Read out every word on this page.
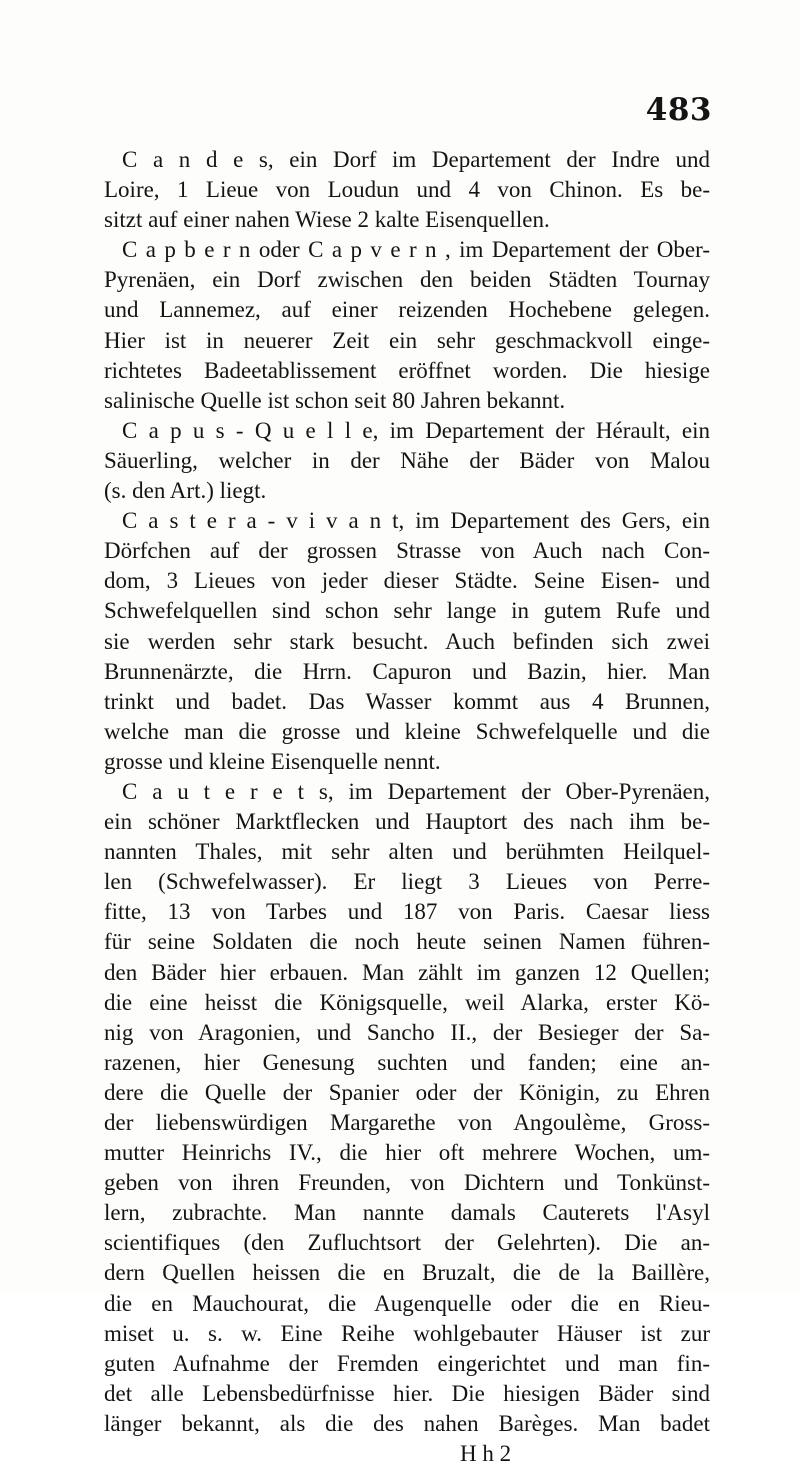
483
C a n d e s, ein Dorf im Departement der Indre und
Loire, 1 Lieue von Loudun und 4 von Chinon. Es be-
sitzt auf einer nahen Wiese 2 kalte Eisenquellen.
C a p b e r n oder C a p v e r n , im Departement der Ober-
Pyrenäen, ein Dorf zwischen den beiden Städten Tournay
und Lannemez, auf einer reizenden Hochebene gelegen.
Hier ist in neuerer Zeit ein sehr geschmackvoll einge-
richtetes Badeetablissement eröffnet worden. Die hiesige
salinische Quelle ist schon seit 80 Jahren bekannt.
C a p u s - Q u e l l e, im Departement der Hérault, ein
Säuerling, welcher in der Nähe der Bäder von Malou
(s. den Art.) liegt.
C a s t e r a - v i v a n t, im Departement des Gers, ein
Dörfchen auf der grossen Strasse von Auch nach Con-
dom, 3 Lieues von jeder dieser Städte. Seine Eisen- und
Schwefelquellen sind schon sehr lange in gutem Rufe und
sie werden sehr stark besucht. Auch befinden sich zwei
Brunnenärzte, die Hrrn. Capuron und Bazin, hier. Man
trinkt und badet. Das Wasser kommt aus 4 Brunnen,
welche man die grosse und kleine Schwefelquelle und die
grosse und kleine Eisenquelle nennt.
C a u t e r e t s, im Departement der Ober-Pyrenäen,
ein schöner Marktflecken und Hauptort des nach ihm be-
nannten Thales, mit sehr alten und berühmten Heilquel-
len (Schwefelwasser). Er liegt 3 Lieues von Perre-
fitte, 13 von Tarbes und 187 von Paris. Caesar liess
für seine Soldaten die noch heute seinen Namen führen-
den Bäder hier erbauen. Man zählt im ganzen 12 Quellen;
die eine heisst die Königsquelle, weil Alarka, erster Kö-
nig von Aragonien, und Sancho II., der Besieger der Sa-
razenen, hier Genesung suchten und fanden; eine an-
dere die Quelle der Spanier oder der Königin, zu Ehren
der liebenswürdigen Margarethe von Angoulème, Gross-
mutter Heinrichs IV., die hier oft mehrere Wochen, um-
geben von ihren Freunden, von Dichtern und Tonkünst-
lern, zubrachte. Man nannte damals Cauterets l'Asyl
scientifiques (den Zufluchtsort der Gelehrten). Die an-
dern Quellen heissen die en Bruzalt, die de la Baillère,
die en Mauchourat, die Augenquelle oder die en Rieu-
miset u. s. w. Eine Reihe wohlgebauter Häuser ist zur
guten Aufnahme der Fremden eingerichtet und man fin-
det alle Lebensbedürfnisse hier. Die hiesigen Bäder sind
länger bekannt, als die des nahen Barèges. Man badet
H h 2
